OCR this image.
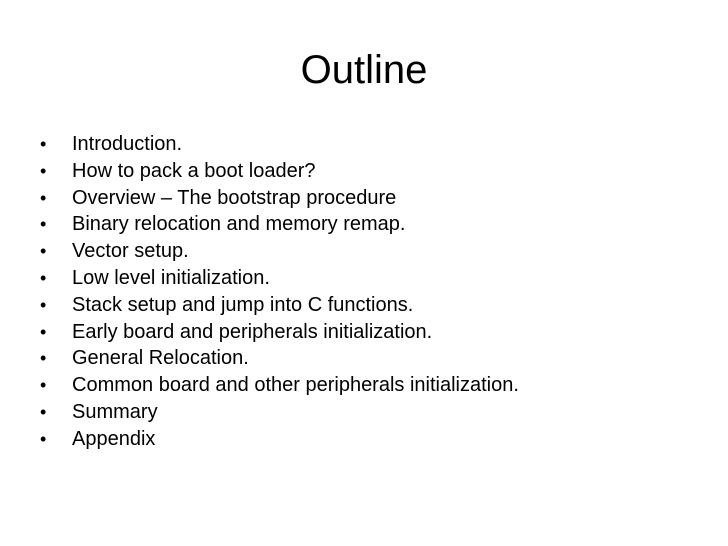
Outline
•	Introduction.
•	How to pack a boot loader?
•	Overview – The bootstrap procedure
•	Binary relocation and memory remap.
•	Vector setup.
•	Low level initialization.
•	Stack setup and jump into C functions.
•	Early board and peripherals initialization.
•	General Relocation.
•	Common board and other peripherals initialization.
•	Summary
•	Appendix
